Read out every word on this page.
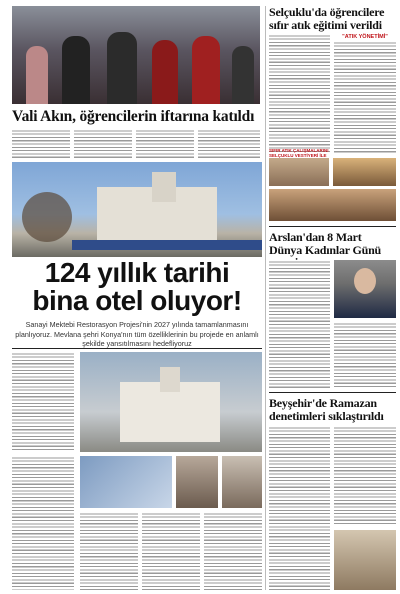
Vali Akın, öğrencilerin iftarına katıldı
124 yıllık tarihi
bina otel oluyor!
Sanayi Mektebi Restorasyon Projesi'nin 2027 yılında tamamlanmasını planlıyoruz. Mevlana şehri Konya'nın tüm özelliklerinin bu projede en anlamlı şekilde yansıtılmasını hedefliyoruz
Selçuklu'da öğrencilere sıfır atık eğitimi verildi
"ATIK YÖNETİMİ"
SIFIR ATIK ÇALIŞMALARINI SELÇUKLU VESTİYERİ İLE
Arslan'dan 8 Mart Dünya Kadınlar Günü
Beyşehir'de Ramazan denetimleri sıklaştırıldı
